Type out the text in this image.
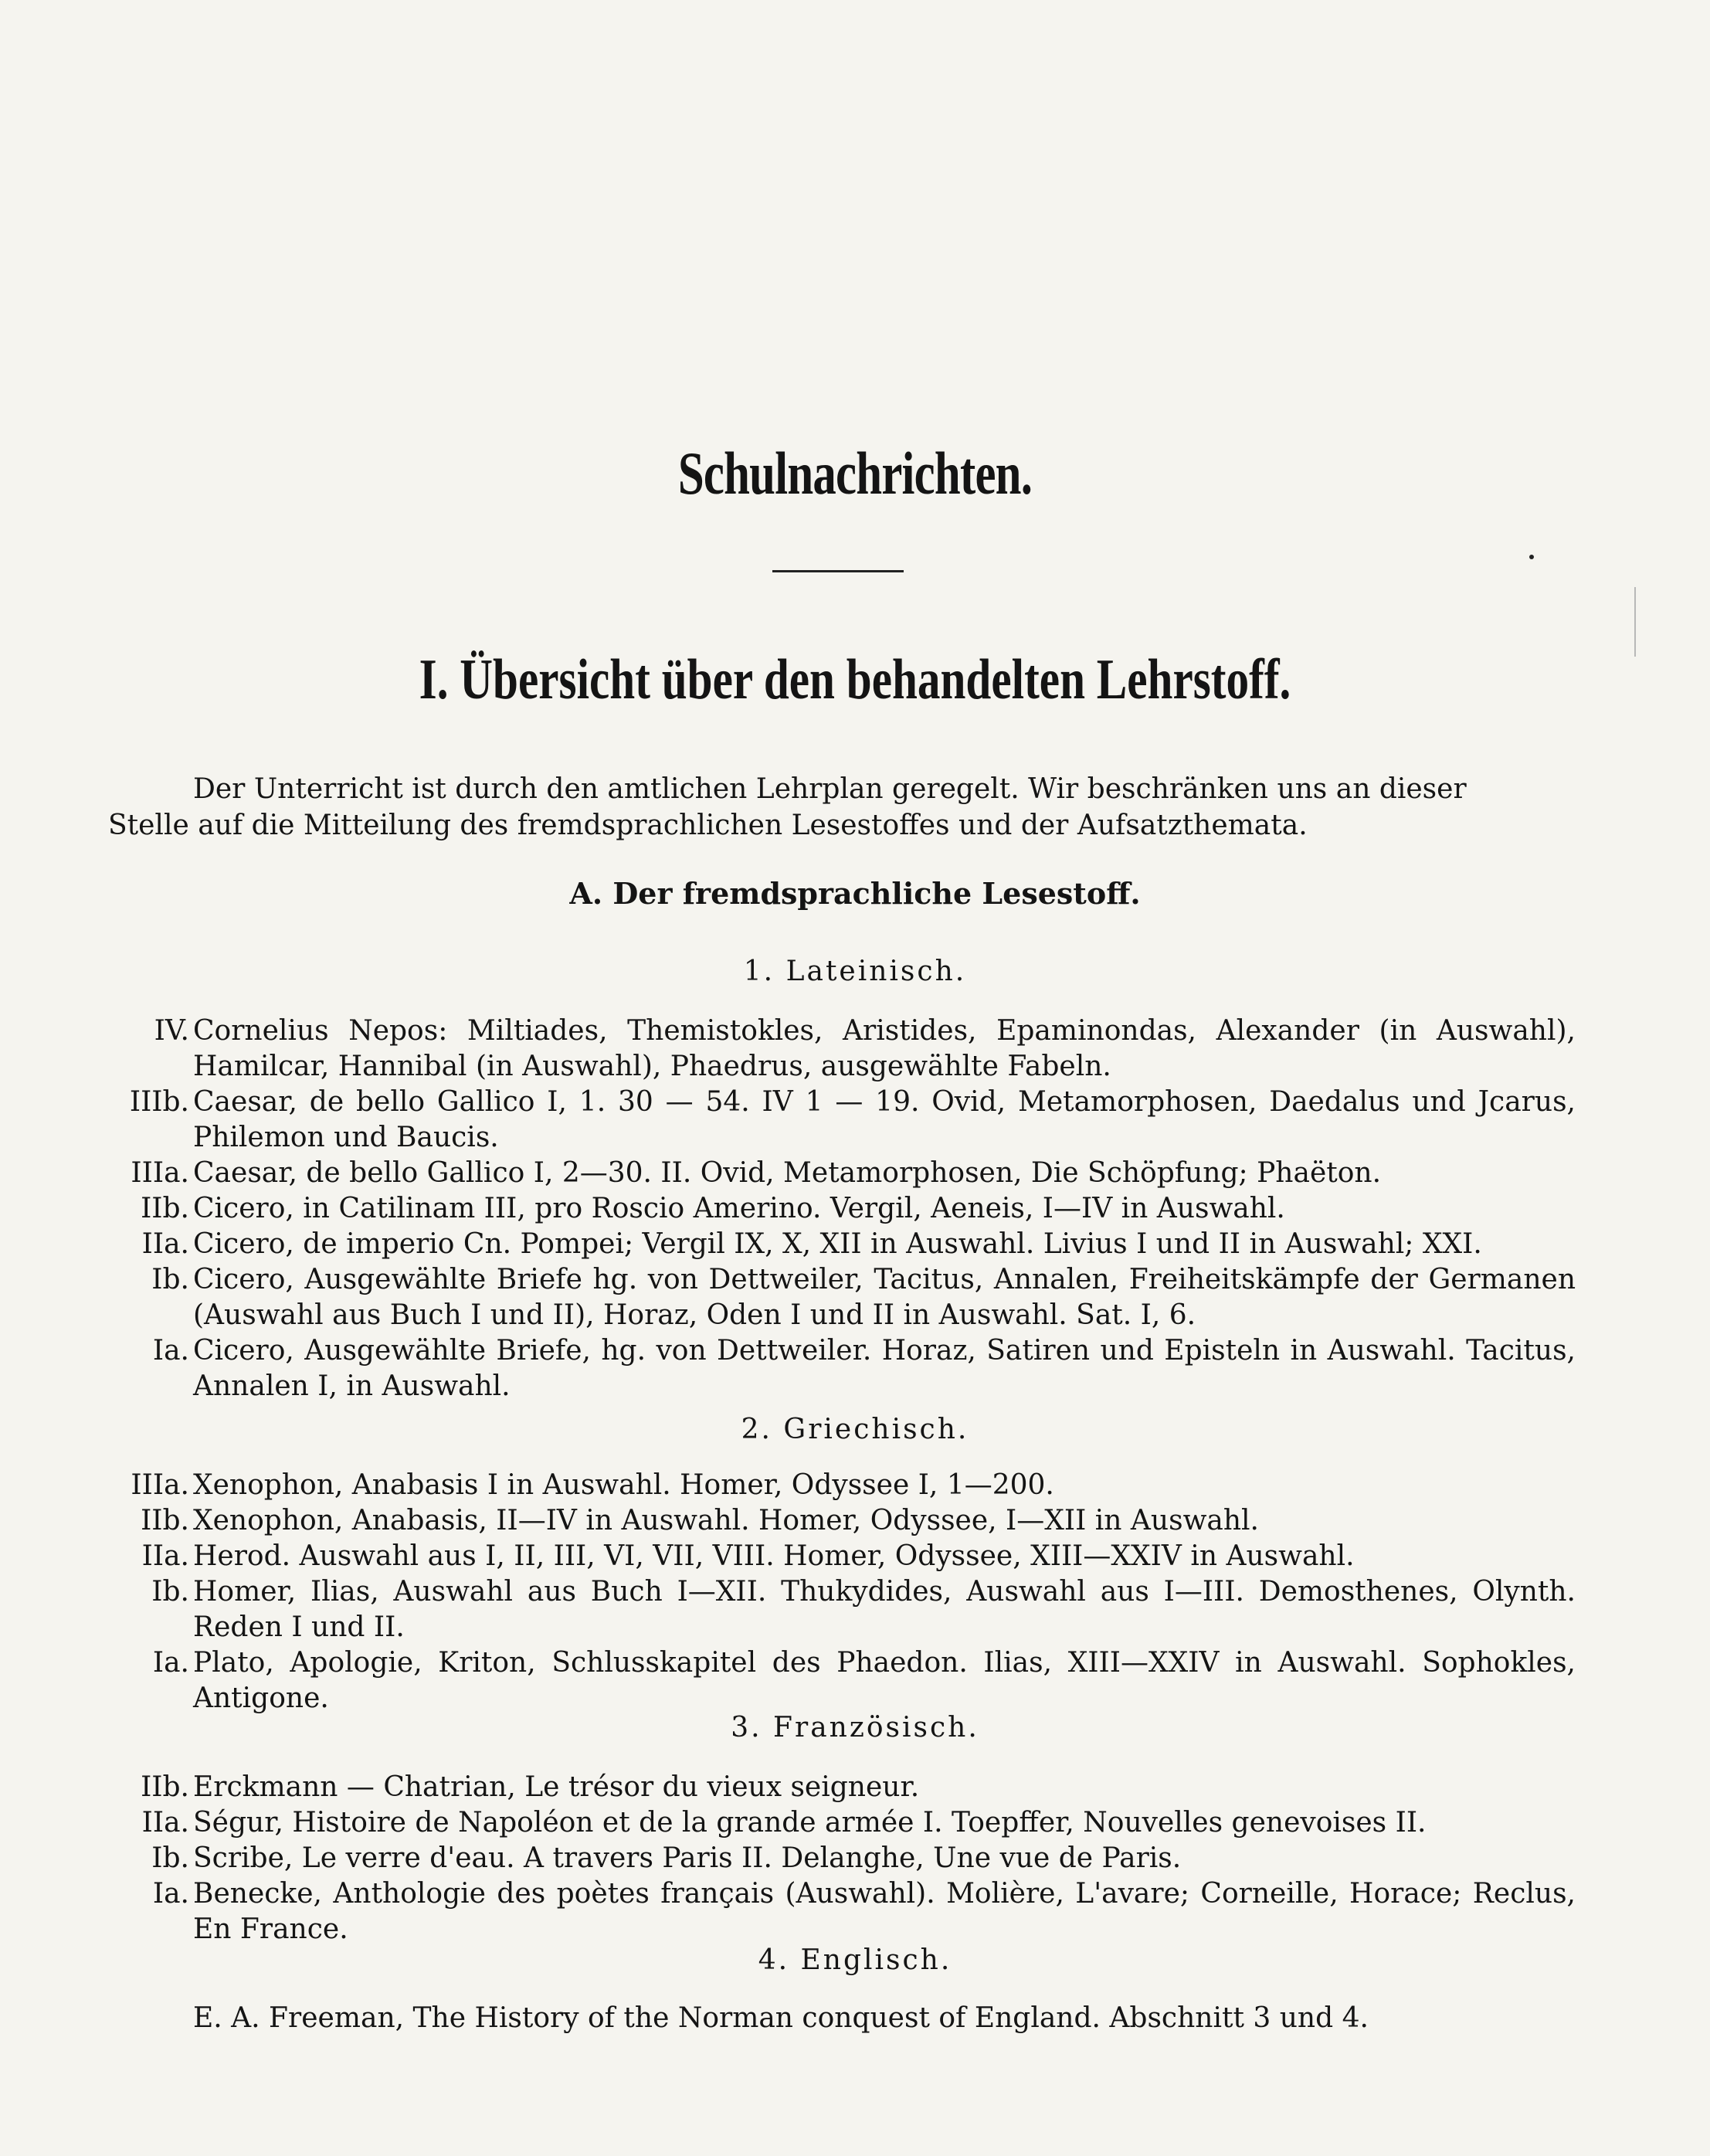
Schulnachrichten.
I. Übersicht über den behandelten Lehrstoff.
Der Unterricht ist durch den amtlichen Lehrplan geregelt. Wir beschränken uns an dieser
Stelle auf die Mitteilung des fremdsprachlichen Lesestoffes und der Aufsatzthemata.
A. Der fremdsprachliche Lesestoff.
1. Lateinisch.
IV. Cornelius Nepos: Miltiades, Themistokles, Aristides, Epaminondas, Alexander (in Auswahl), Hamilcar, Hannibal (in Auswahl), Phaedrus, ausgewählte Fabeln.
IIIb. Caesar, de bello Gallico I, 1. 30 — 54. IV 1 — 19. Ovid, Metamorphosen, Daedalus und Jcarus, Philemon und Baucis.
IIIa. Caesar, de bello Gallico I, 2—30. II. Ovid, Metamorphosen, Die Schöpfung; Phaëton.
IIb. Cicero, in Catilinam III, pro Roscio Amerino. Vergil, Aeneis, I—IV in Auswahl.
IIa. Cicero, de imperio Cn. Pompei; Vergil IX, X, XII in Auswahl. Livius I und II in Auswahl; XXI.
Ib. Cicero, Ausgewählte Briefe hg. von Dettweiler, Tacitus, Annalen, Freiheitskämpfe der Germanen (Auswahl aus Buch I und II), Horaz, Oden I und II in Auswahl. Sat. I, 6.
Ia. Cicero, Ausgewählte Briefe, hg. von Dettweiler. Horaz, Satiren und Episteln in Auswahl. Tacitus, Annalen I, in Auswahl.
2. Griechisch.
IIIa. Xenophon, Anabasis I in Auswahl. Homer, Odyssee I, 1—200.
IIb. Xenophon, Anabasis, II—IV in Auswahl. Homer, Odyssee, I—XII in Auswahl.
IIa. Herod. Auswahl aus I, II, III, VI, VII, VIII. Homer, Odyssee, XIII—XXIV in Auswahl.
Ib. Homer, Ilias, Auswahl aus Buch I—XII. Thukydides, Auswahl aus I—III. Demosthenes, Olynth. Reden I und II.
Ia. Plato, Apologie, Kriton, Schlusskapitel des Phaedon. Ilias, XIII—XXIV in Auswahl. Sophokles, Antigone.
3. Französisch.
IIb. Erckmann — Chatrian, Le trésor du vieux seigneur.
IIa. Ségur, Histoire de Napoléon et de la grande armée I. Toepffer, Nouvelles genevoises II.
Ib. Scribe, Le verre d'eau. A travers Paris II. Delanghe, Une vue de Paris.
Ia. Benecke, Anthologie des poètes français (Auswahl). Molière, L'avare; Corneille, Horace; Reclus, En France.
4. Englisch.
E. A. Freeman, The History of the Norman conquest of England. Abschnitt 3 und 4.
